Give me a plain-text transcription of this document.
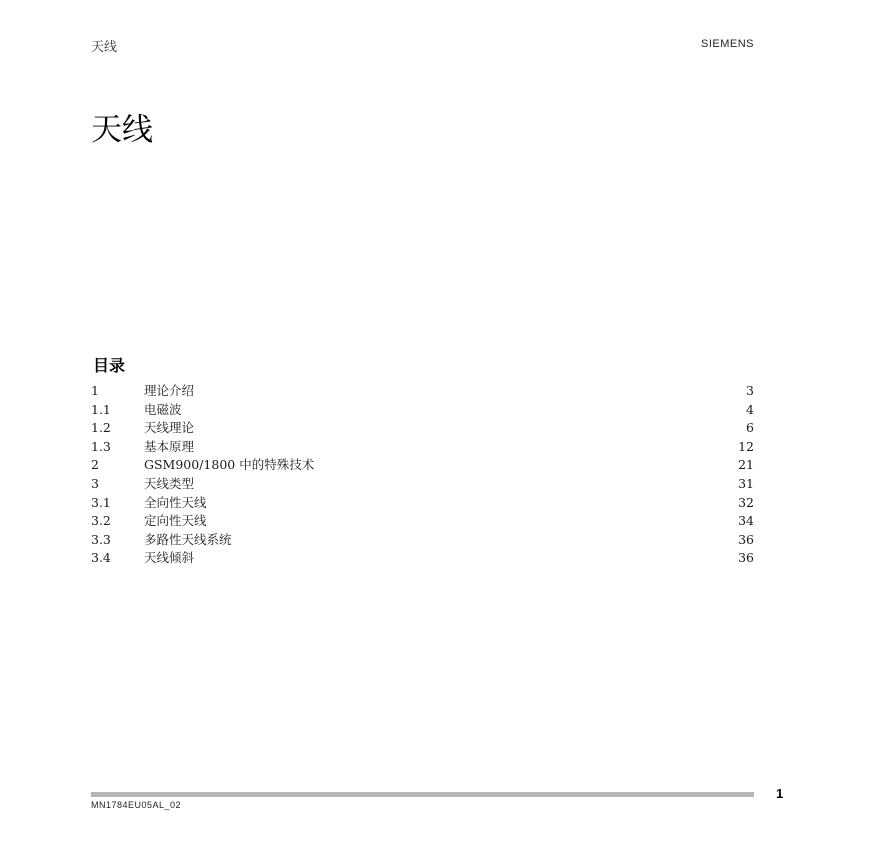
天线	SIEMENS
天线
目录
1	理论介绍	3
1.1	电磁波	4
1.2	天线理论	6
1.3	基本原理	12
2	GSM900/1800 中的特殊技术	21
3	天线类型	31
3.1	全向性天线	32
3.2	定向性天线	34
3.3	多路性天线系统	36
3.4	天线倾斜	36
MN1784EU05AL_02
1
